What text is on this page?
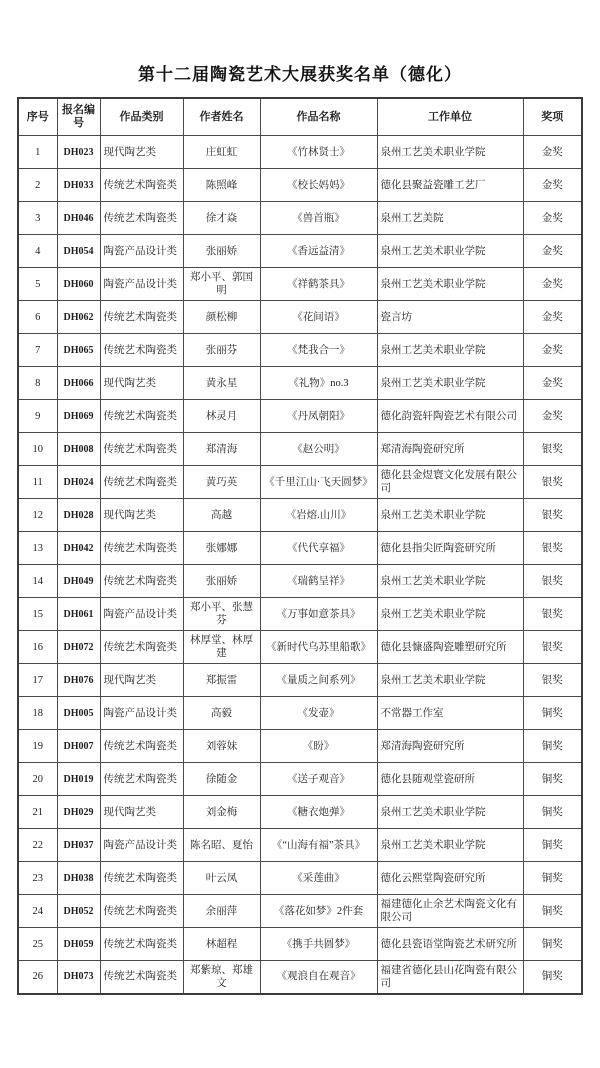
第十二届陶瓷艺术大展获奖名单（德化）
序号	报名编号	作品类别	作者姓名	作品名称	工作单位	奖项
1	DH023	现代陶艺类	庄虹虹	《竹林贤士》	泉州工艺美术职业学院	金奖
2	DH033	传统艺术陶瓷类	陈照峰	《校长妈妈》	德化县聚益瓷雕工艺厂	金奖
3	DH046	传统艺术陶瓷类	徐才焱	《兽首瓶》	泉州工艺美院	金奖
4	DH054	陶瓷产品设计类	张丽娇	《香远益清》	泉州工艺美术职业学院	金奖
5	DH060	陶瓷产品设计类	郑小平、郭国明	《祥鹤茶具》	泉州工艺美术职业学院	金奖
6	DH062	传统艺术陶瓷类	颜松柳	《花间语》	瓷言坊	金奖
7	DH065	传统艺术陶瓷类	张丽芬	《梵我合一》	泉州工艺美术职业学院	金奖
8	DH066	现代陶艺类	黄永星	《礼物》no.3	泉州工艺美术职业学院	金奖
9	DH069	传统艺术陶瓷类	林灵月	《丹凤朝阳》	德化韵瓷轩陶瓷艺术有限公司	金奖
10	DH008	传统艺术陶瓷类	郑清海	《赵公明》	郑清海陶瓷研究所	银奖
11	DH024	传统艺术陶瓷类	黄巧英	《千里江山·飞天圆梦》	德化县金煜寰文化发展有限公司	银奖
12	DH028	现代陶艺类	高越	《岩熔.山川》	泉州工艺美术职业学院	银奖
13	DH042	传统艺术陶瓷类	张娜娜	《代代享福》	德化县指尖匠陶瓷研究所	银奖
14	DH049	传统艺术陶瓷类	张丽娇	《瑞鹤呈祥》	泉州工艺美术职业学院	银奖
15	DH061	陶瓷产品设计类	郑小平、张慧芬	《万事如意茶具》	泉州工艺美术职业学院	银奖
16	DH072	传统艺术陶瓷类	林厚堂、林厚建	《新时代乌苏里船歌》	德化县慷盛陶瓷雕塑研究所	银奖
17	DH076	现代陶艺类	郑振雷	《量质之间系列》	泉州工艺美术职业学院	银奖
18	DH005	陶瓷产品设计类	高毅	《发壶》	不常器工作室	铜奖
19	DH007	传统艺术陶瓷类	刘蓉妹	《盼》	郑清海陶瓷研究所	铜奖
20	DH019	传统艺术陶瓷类	徐随金	《送子观音》	德化县随观堂瓷研所	铜奖
21	DH029	现代陶艺类	刘金梅	《糖衣炮弹》	泉州工艺美术职业学院	铜奖
22	DH037	陶瓷产品设计类	陈名昭、夏怡	《“山海有福”茶具》	泉州工艺美术职业学院	铜奖
23	DH038	传统艺术陶瓷类	叶云凤	《采莲曲》	德化云熙堂陶瓷研究所	铜奖
24	DH052	传统艺术陶瓷类	余丽萍	《落花如梦》2件套	福建德化止余艺术陶瓷文化有限公司	铜奖
25	DH059	传统艺术陶瓷类	林超程	《携手共圆梦》	德化县瓷语堂陶瓷艺术研究所	铜奖
26	DH073	传统艺术陶瓷类	郑紫琼、郑雄文	《观浪自在观音》	福建省德化县山花陶瓷有限公司	铜奖
